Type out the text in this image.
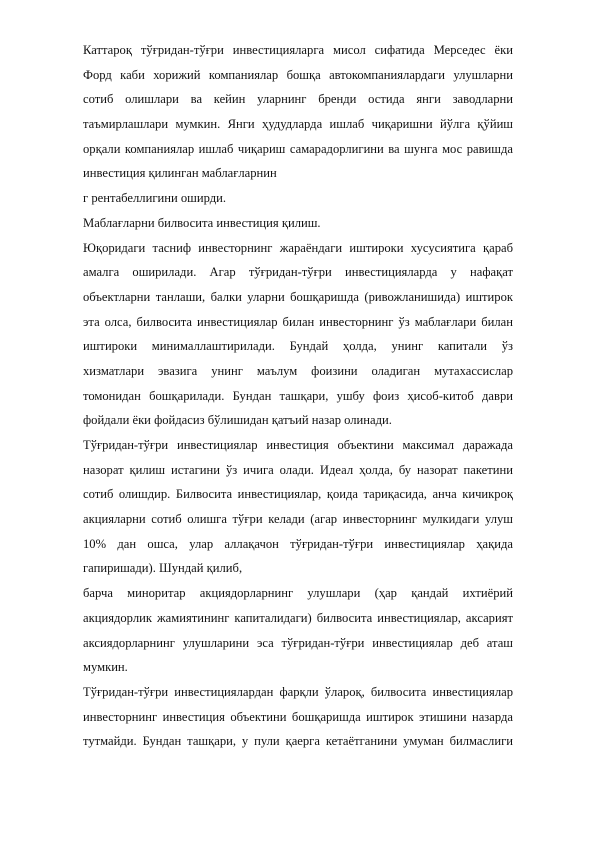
Каттароқ тўғридан-тўғри инвестицияларга мисол сифатида Мерседес ёки
Форд каби хорижий компаниялар бошқа автокомпаниялардаги улушларни
сотиб олишлари ва кейин уларнинг бренди остида янги заводларни
таъмирлашлари мумкин. Янги ҳудудларда ишлаб чиқаришни йўлга қўйиш
орқали компаниялар ишлаб чиқариш самарадорлигини ва шунга мос равишда
инвестиция қилинган маблағларнин
г рентабеллигини оширди.
Маблағларни билвосита инвестиция қилиш.
Юқоридаги тасниф инвесторнинг жараёндаги иштироки хусусиятига қараб
амалга оширилади. Агар тўғридан-тўғри инвестицияларда у нафақат
объектларни танлаши, балки уларни бошқаришда (ривожланишида) иштирок
эта олса, билвосита инвестициялар билан инвесторнинг ўз маблағлари билан
иштироки минималлаштирилади. Бундай ҳолда, унинг капитали ўз
хизматлари эвазига унинг маълум фоизини оладиган мутахассислар
томонидан бошқарилади. Бундан ташқари, ушбу фоиз ҳисоб-китоб даври
фойдали ёки фойдасиз бўлишидан қатъий назар олинади.
Тўғридан-тўғри инвестициялар инвестиция объектини максимал даражада
назорат қилиш истагини ўз ичига олади. Идеал ҳолда, бу назорат пакетини
сотиб олишдир. Билвосита инвестициялар, қоида тариқасида, анча кичикроқ
акцияларни сотиб олишга тўғри келади (агар инвесторнинг мулкидаги улуш
10% дан ошса, улар аллақачон тўғридан-тўғри инвестициялар ҳақида
гапиришади). Шундай қилиб,
барча миноритар акциядорларнинг улушлари (ҳар қандай ихтиёрий
акциядорлик жамиятининг капиталидаги) билвосита инвестициялар, аксарият
аксиядорларнинг улушларини эса тўғридан-тўғри инвестициялар деб аташ
мумкин.
Тўғридан-тўғри инвестициялардан фарқли ўлароқ, билвосита инвестициялар
инвесторнинг инвестиция объектини бошқаришда иштирок этишини назарда
тутмайди. Бундан ташқари, у пули қаерга кетаётганини умуман билмаслиги
